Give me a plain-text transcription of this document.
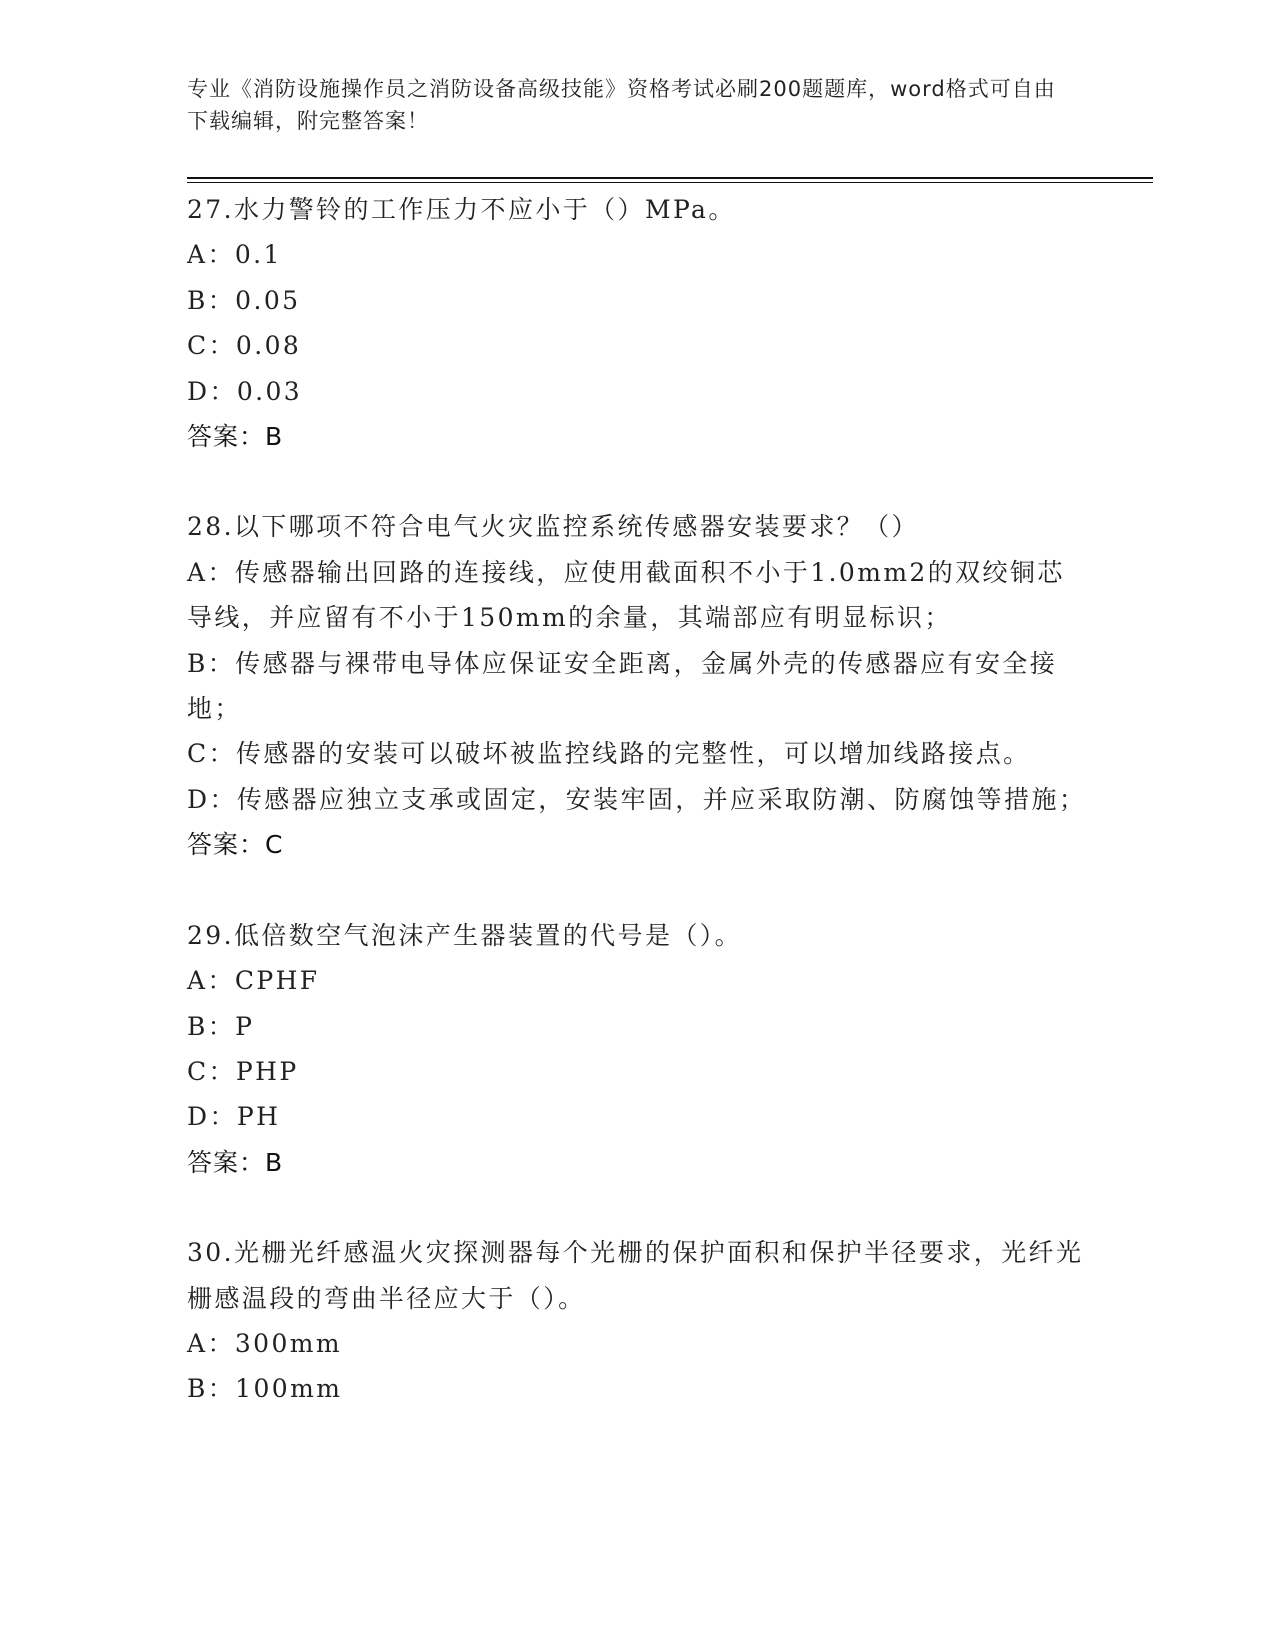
专业《消防设施操作员之消防设备高级技能》资格考试必刷200题题库，word格式可自由下载编辑，附完整答案！
27.水力警铃的工作压力不应小于（）MPa。
A：0.1
B：0.05
C：0.08
D：0.03
答案：B
28.以下哪项不符合电气火灾监控系统传感器安装要求？（）
A：传感器输出回路的连接线，应使用截面积不小于1.0mm2的双绞铜芯导线，并应留有不小于150mm的余量，其端部应有明显标识；
B：传感器与裸带电导体应保证安全距离，金属外壳的传感器应有安全接地；
C：传感器的安装可以破坏被监控线路的完整性，可以增加线路接点。
D：传感器应独立支承或固定，安装牢固，并应采取防潮、防腐蚀等措施；
答案：C
29.低倍数空气泡沫产生器装置的代号是（）。
A：CPHF
B：P
C：PHP
D：PH
答案：B
30.光栅光纤感温火灾探测器每个光栅的保护面积和保护半径要求，光纤光栅感温段的弯曲半径应大于（）。
A：300mm
B：100mm
